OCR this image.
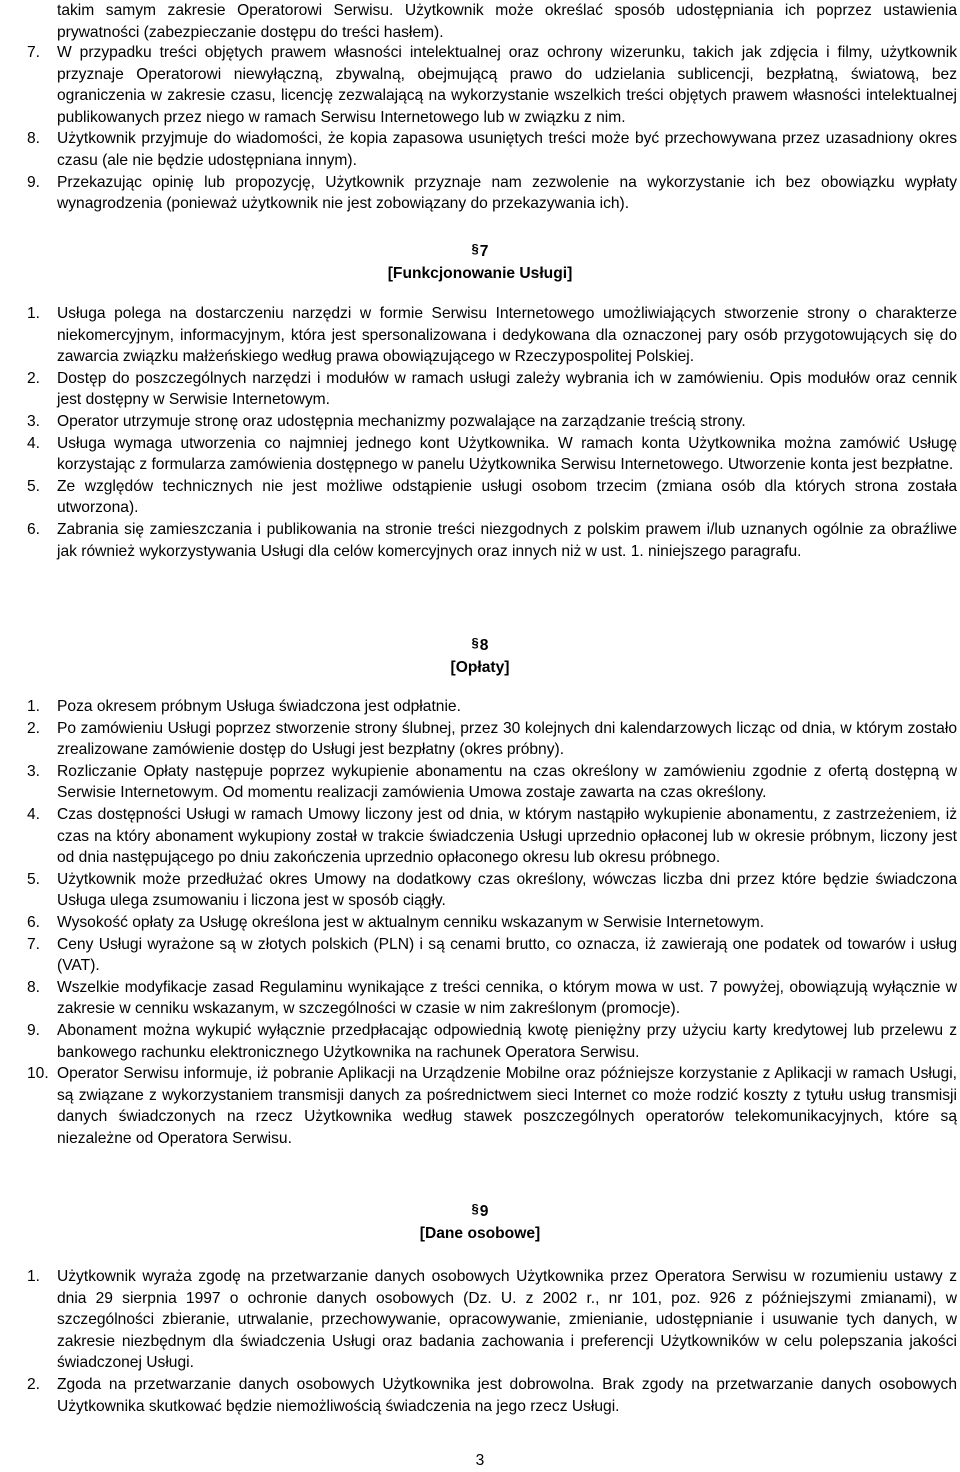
takim samym zakresie Operatorowi Serwisu. Użytkownik może określać sposób udostępniania ich poprzez ustawienia prywatności (zabezpieczanie dostępu do treści hasłem).
7.	W przypadku treści objętych prawem własności intelektualnej oraz ochrony wizerunku, takich jak zdjęcia i filmy, użytkownik przyznaje Operatorowi niewyłączną, zbywalną, obejmującą prawo do udzielania sublicencji, bezpłatną, światową, bez ograniczenia w zakresie czasu, licencję zezwalającą na wykorzystanie wszelkich treści objętych prawem własności intelektualnej publikowanych przez niego w ramach Serwisu Internetowego lub w związku z nim.
8.	Użytkownik przyjmuje do wiadomości, że kopia zapasowa usuniętych treści może być przechowywana przez uzasadniony okres czasu (ale nie będzie udostępniana innym).
9.	Przekazując opinię lub propozycję, Użytkownik przyznaje nam zezwolenie na wykorzystanie ich bez obowiązku wypłaty wynagrodzenia (ponieważ użytkownik nie jest zobowiązany do przekazywania ich).
§7
[Funkcjonowanie Usługi]
1.	Usługa polega na dostarczeniu narzędzi w formie Serwisu Internetowego umożliwiających stworzenie strony o charakterze niekomercyjnym, informacyjnym, która jest spersonalizowana i dedykowana dla oznaczonej pary osób przygotowujących się do zawarcia związku małżeńskiego według prawa obowiązującego w Rzeczypospolitej Polskiej.
2.	Dostęp do poszczególnych narzędzi i modułów w ramach usługi zależy wybrania ich w zamówieniu. Opis modułów oraz cennik jest dostępny w Serwisie Internetowym.
3.	Operator utrzymuje stronę oraz udostępnia mechanizmy pozwalające na zarządzanie treścią strony.
4.	Usługa wymaga utworzenia co najmniej jednego kont Użytkownika. W ramach konta Użytkownika można zamówić Usługę korzystając z formularza zamówienia dostępnego w panelu Użytkownika Serwisu Internetowego. Utworzenie konta jest bezpłatne.
5.	Ze względów technicznych nie jest możliwe odstąpienie usługi osobom trzecim (zmiana osób dla których strona została utworzona).
6.	Zabrania się zamieszczania i publikowania na stronie treści niezgodnych z polskim prawem i/lub uznanych ogólnie za obraźliwe jak również wykorzystywania Usługi dla celów komercyjnych oraz innych niż w ust. 1. niniejszego paragrafu.
§8
[Opłaty]
1.	Poza okresem próbnym Usługa świadczona jest odpłatnie.
2.	Po zamówieniu Usługi poprzez stworzenie strony ślubnej, przez 30 kolejnych dni kalendarzowych licząc od dnia, w którym zostało zrealizowane zamówienie dostęp do Usługi jest bezpłatny (okres próbny).
3.	Rozliczanie Opłaty następuje poprzez wykupienie abonamentu na czas określony w zamówieniu zgodnie z ofertą dostępną w Serwisie Internetowym. Od momentu realizacji zamówienia Umowa zostaje zawarta na czas określony.
4.	Czas dostępności Usługi w ramach Umowy liczony jest od dnia, w którym nastąpiło wykupienie abonamentu, z zastrzeżeniem, iż czas na który abonament wykupiony został w trakcie świadczenia Usługi uprzednio opłaconej lub w okresie próbnym, liczony jest od dnia następującego po dniu zakończenia uprzednio opłaconego okresu lub okresu próbnego.
5.	Użytkownik może przedłużać okres Umowy na dodatkowy czas określony, wówczas liczba dni przez które będzie świadczona Usługa ulega zsumowaniu i liczona jest w sposób ciągły.
6.	Wysokość opłaty za Usługę określona jest w aktualnym cenniku wskazanym w Serwisie Internetowym.
7.	Ceny Usługi wyrażone są w złotych polskich (PLN) i są cenami brutto, co oznacza, iż zawierają one podatek od towarów i usług (VAT).
8.	Wszelkie modyfikacje zasad Regulaminu wynikające z treści cennika, o którym mowa w ust. 7 powyżej, obowiązują wyłącznie w zakresie w cenniku wskazanym, w szczególności w czasie w nim zakreślonym (promocje).
9.	Abonament można wykupić wyłącznie przedpłacając odpowiednią kwotę pieniężny przy użyciu karty kredytowej lub przelewu z bankowego rachunku elektronicznego Użytkownika na rachunek Operatora Serwisu.
10. Operator Serwisu informuje, iż pobranie Aplikacji na Urządzenie Mobilne oraz późniejsze korzystanie z Aplikacji w ramach Usługi, są związane z wykorzystaniem transmisji danych za pośrednictwem sieci Internet co może rodzić koszty z tytułu usług transmisji danych świadczonych na rzecz Użytkownika według stawek poszczególnych operatorów telekomunikacyjnych, które są niezależne od Operatora Serwisu.
§9
[Dane osobowe]
1.	Użytkownik wyraża zgodę na przetwarzanie danych osobowych Użytkownika przez Operatora Serwisu w rozumieniu ustawy z dnia 29 sierpnia 1997 o ochronie danych osobowych (Dz. U. z 2002 r., nr 101, poz. 926 z późniejszymi zmianami), w szczególności zbieranie, utrwalanie, przechowywanie, opracowywanie, zmienianie, udostępnianie i usuwanie tych danych, w zakresie niezbędnym dla świadczenia Usługi oraz badania zachowania i preferencji Użytkowników w celu polepszania jakości świadczonej Usługi.
2.	Zgoda na przetwarzanie danych osobowych Użytkownika jest dobrowolna. Brak zgody na przetwarzanie danych osobowych Użytkownika skutkować będzie niemożliwością świadczenia na jego rzecz Usługi.
3
